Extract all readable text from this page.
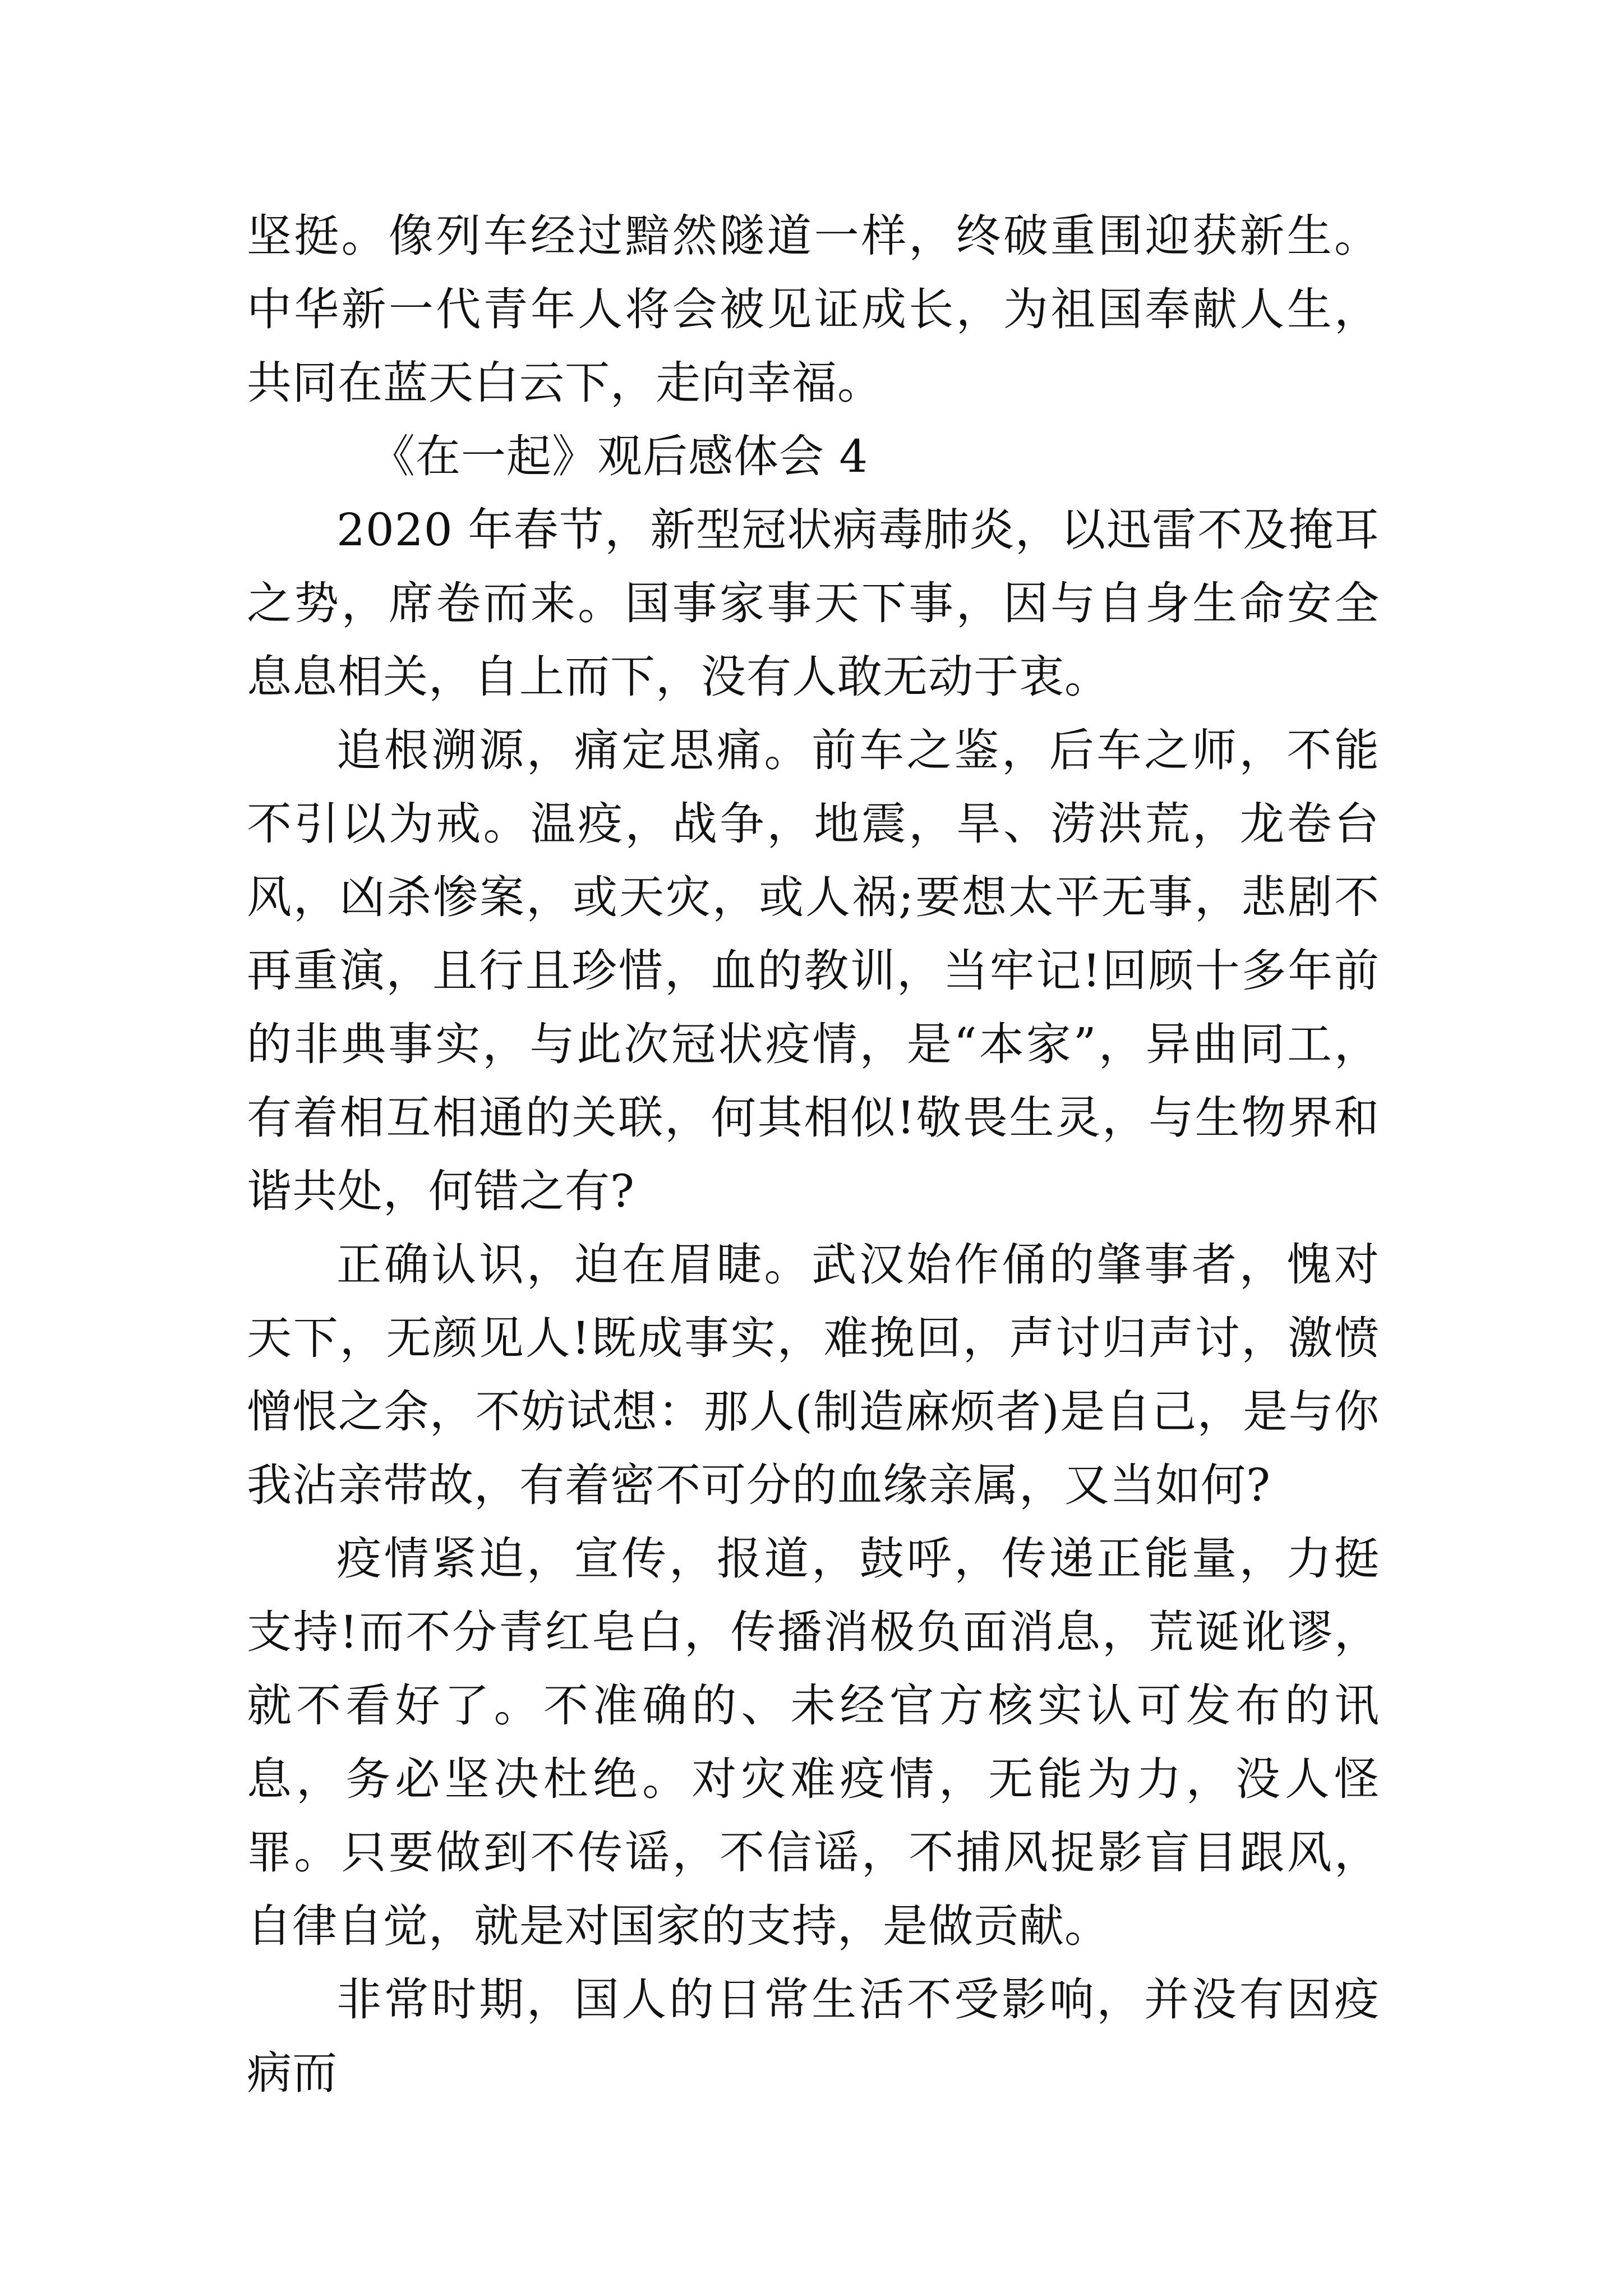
坚挺。像列车经过黯然隧道一样，终破重围迎获新生。中华新一代青年人将会被见证成长，为祖国奉献人生，共同在蓝天白云下，走向幸福。

《在一起》观后感体会 4

2020 年春节，新型冠状病毒肺炎，以迅雷不及掩耳之势，席卷而来。国事家事天下事，因与自身生命安全息息相关，自上而下，没有人敢无动于衷。

追根溯源，痛定思痛。前车之鉴，后车之师，不能不引以为戒。温疫，战争，地震，旱、涝洪荒，龙卷台风，凶杀惨案，或天灾，或人祸;要想太平无事，悲剧不再重演，且行且珍惜，血的教训，当牢记!回顾十多年前的非典事实，与此次冠状疫情，是“本家”，异曲同工，有着相互相通的关联，何其相似!敬畏生灵，与生物界和谐共处，何错之有?

正确认识，迫在眉睫。武汉始作俑的肇事者，愧对天下，无颜见人!既成事实，难挽回，声讨归声讨，激愤憎恨之余，不妨试想：那人(制造麻烦者)是自己，是与你我沾亲带故，有着密不可分的血缘亲属，又当如何?

疫情紧迫，宣传，报道，鼓呼，传递正能量，力挺支持!而不分青红皂白，传播消极负面消息，荒诞讹谬，就不看好了。不准确的、未经官方核实认可发布的讯息，务必坚决杜绝。对灾难疫情，无能为力，没人怪罪。只要做到不传谣，不信谣，不捕风捉影盲目跟风，自律自觉，就是对国家的支持，是做贡献。

非常时期，国人的日常生活不受影响，并没有因疫病而
